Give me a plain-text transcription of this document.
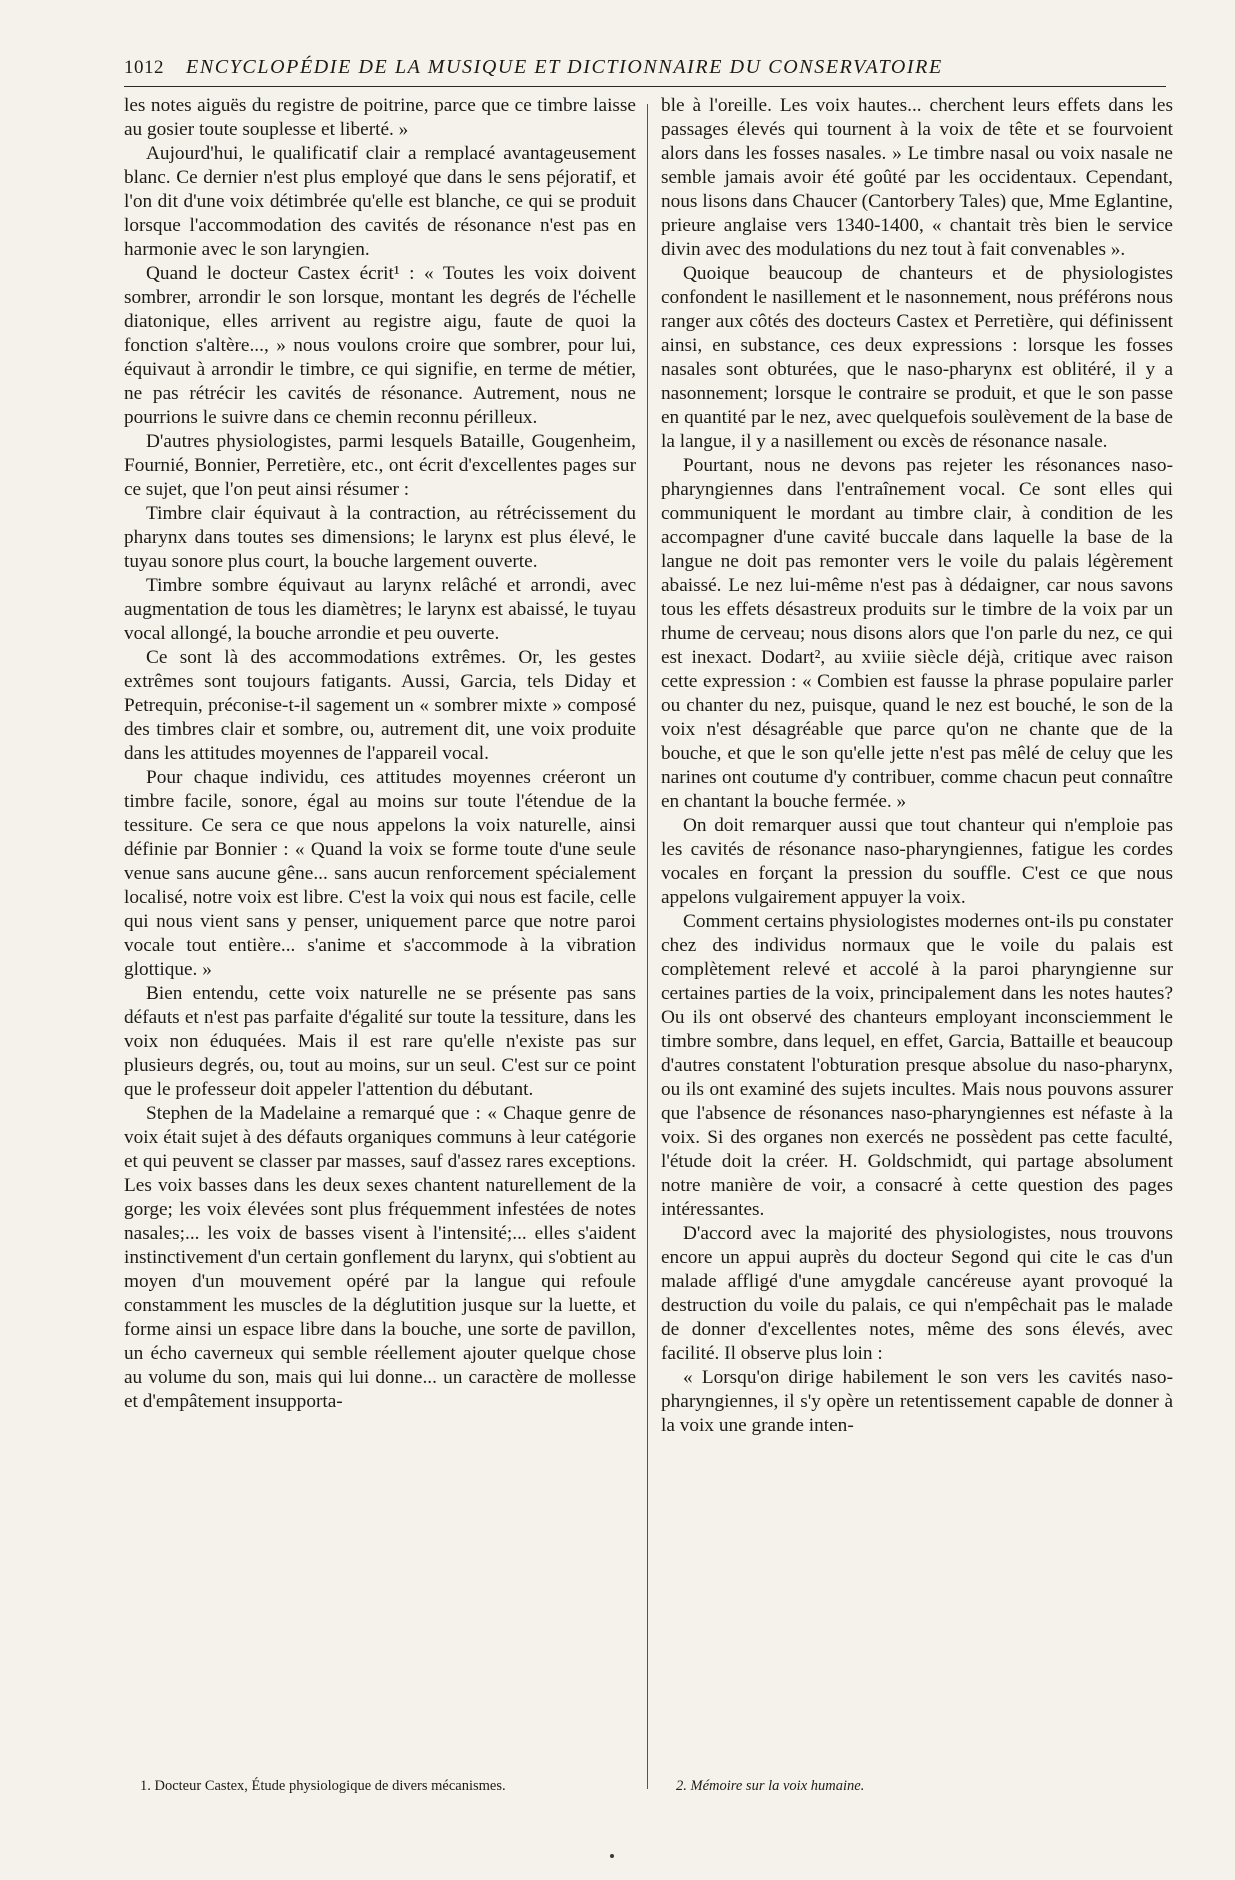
1012 ENCYCLOPÉDIE DE LA MUSIQUE ET DICTIONNAIRE DU CONSERVATOIRE

les notes aiguës du registre de poitrine, parce que ce timbre laisse au gosier toute souplesse et liberté. »

Aujourd'hui, le qualificatif clair a remplacé avantageusement blanc. Ce dernier n'est plus employé que dans le sens péjoratif, et l'on dit d'une voix détimbrée qu'elle est blanche, ce qui se produit lorsque l'accommodation des cavités de résonance n'est pas en harmonie avec le son laryngien.

Quand le docteur Castex écrit¹ : « Toutes les voix doivent sombrer, arrondir le son lorsque, montant les degrés de l'échelle diatonique, elles arrivent au registre aigu, faute de quoi la fonction s'altère..., » nous voulons croire que sombrer, pour lui, équivaut à arrondir le timbre, ce qui signifie, en terme de métier, ne pas rétrécir les cavités de résonance. Autrement, nous ne pourrions le suivre dans ce chemin reconnu périlleux.

D'autres physiologistes, parmi lesquels Bataille, Gougenheim, Fournié, Bonnier, Perretière, etc., ont écrit d'excellentes pages sur ce sujet, que l'on peut ainsi résumer :

Timbre clair équivaut à la contraction, au rétrécissement du pharynx dans toutes ses dimensions; le larynx est plus élevé, le tuyau sonore plus court, la bouche largement ouverte.

Timbre sombre équivaut au larynx relâché et arrondi, avec augmentation de tous les diamètres; le larynx est abaissé, le tuyau vocal allongé, la bouche arrondie et peu ouverte.

Ce sont là des accommodations extrêmes. Or, les gestes extrêmes sont toujours fatigants. Aussi, Garcia, tels Diday et Petrequin, préconise-t-il sagement un « sombrer mixte » composé des timbres clair et sombre, ou, autrement dit, une voix produite dans les attitudes moyennes de l'appareil vocal.

Pour chaque individu, ces attitudes moyennes créeront un timbre facile, sonore, égal au moins sur toute l'étendue de la tessiture. Ce sera ce que nous appelons la voix naturelle, ainsi définie par Bonnier : « Quand la voix se forme toute d'une seule venue sans aucune gêne... sans aucun renforcement spécialement localisé, notre voix est libre. C'est la voix qui nous est facile, celle qui nous vient sans y penser, uniquement parce que notre paroi vocale tout entière... s'anime et s'accommode à la vibration glottique. »

Bien entendu, cette voix naturelle ne se présente pas sans défauts et n'est pas parfaite d'égalité sur toute la tessiture, dans les voix non éduquées. Mais il est rare qu'elle n'existe pas sur plusieurs degrés, ou, tout au moins, sur un seul. C'est sur ce point que le professeur doit appeler l'attention du débutant.

Stephen de la Madelaine a remarqué que : « Chaque genre de voix était sujet à des défauts organiques communs à leur catégorie et qui peuvent se classer par masses, sauf d'assez rares exceptions. Les voix basses dans les deux sexes chantent naturellement de la gorge; les voix élevées sont plus fréquemment infestées de notes nasales;... les voix de basses visent à l'intensité;... elles s'aident instinctivement d'un certain gonflement du larynx, qui s'obtient au moyen d'un mouvement opéré par la langue qui refoule constamment les muscles de la déglutition jusque sur la luette, et forme ainsi un espace libre dans la bouche, une sorte de pavillon, un écho caverneux qui semble réellement ajouter quelque chose au volume du son, mais qui lui donne... un caractère de mollesse et d'empâtement insupporta-

ble à l'oreille. Les voix hautes... cherchent leurs effets dans les passages élevés qui tournent à la voix de tête et se fourvoient alors dans les fosses nasales. » Le timbre nasal ou voix nasale ne semble jamais avoir été goûté par les occidentaux. Cependant, nous lisons dans Chaucer (Cantorbery Tales) que, Mme Eglantine, prieure anglaise vers 1340-1400, « chantait très bien le service divin avec des modulations du nez tout à fait convenables ».

Quoique beaucoup de chanteurs et de physiologistes confondent le nasillement et le nasonnement, nous préférons nous ranger aux côtés des docteurs Castex et Perretière, qui définissent ainsi, en substance, ces deux expressions : lorsque les fosses nasales sont obturées, que le naso-pharynx est oblitéré, il y a nasonnement; lorsque le contraire se produit, et que le son passe en quantité par le nez, avec quelquefois soulèvement de la base de la langue, il y a nasillement ou excès de résonance nasale.

Pourtant, nous ne devons pas rejeter les résonances naso-pharyngiennes dans l'entraînement vocal. Ce sont elles qui communiquent le mordant au timbre clair, à condition de les accompagner d'une cavité buccale dans laquelle la base de la langue ne doit pas remonter vers le voile du palais légèrement abaissé. Le nez lui-même n'est pas à dédaigner, car nous savons tous les effets désastreux produits sur le timbre de la voix par un rhume de cerveau; nous disons alors que l'on parle du nez, ce qui est inexact. Dodart², au xviiie siècle déjà, critique avec raison cette expression : « Combien est fausse la phrase populaire parler ou chanter du nez, puisque, quand le nez est bouché, le son de la voix n'est désagréable que parce qu'on ne chante que de la bouche, et que le son qu'elle jette n'est pas mêlé de celuy que les narines ont coutume d'y contribuer, comme chacun peut connaître en chantant la bouche fermée. »

On doit remarquer aussi que tout chanteur qui n'emploie pas les cavités de résonance naso-pharyngiennes, fatigue les cordes vocales en forçant la pression du souffle. C'est ce que nous appelons vulgairement appuyer la voix.

Comment certains physiologistes modernes ont-ils pu constater chez des individus normaux que le voile du palais est complètement relevé et accolé à la paroi pharyngienne sur certaines parties de la voix, principalement dans les notes hautes? Ou ils ont observé des chanteurs employant inconsciemment le timbre sombre, dans lequel, en effet, Garcia, Battaille et beaucoup d'autres constatent l'obturation presque absolue du naso-pharynx, ou ils ont examiné des sujets incultes. Mais nous pouvons assurer que l'absence de résonances naso-pharyngiennes est néfaste à la voix. Si des organes non exercés ne possèdent pas cette faculté, l'étude doit la créer. H. Goldschmidt, qui partage absolument notre manière de voir, a consacré à cette question des pages intéressantes.

D'accord avec la majorité des physiologistes, nous trouvons encore un appui auprès du docteur Segond qui cite le cas d'un malade affligé d'une amygdale cancéreuse ayant provoqué la destruction du voile du palais, ce qui n'empêchait pas le malade de donner d'excellentes notes, même des sons élevés, avec facilité. Il observe plus loin :

« Lorsqu'on dirige habilement le son vers les cavités naso-pharyngiennes, il s'y opère un retentissement capable de donner à la voix une grande inten-

1. Docteur Castex, Étude physiologique de divers mécanismes.	2. Mémoire sur la voix humaine.
